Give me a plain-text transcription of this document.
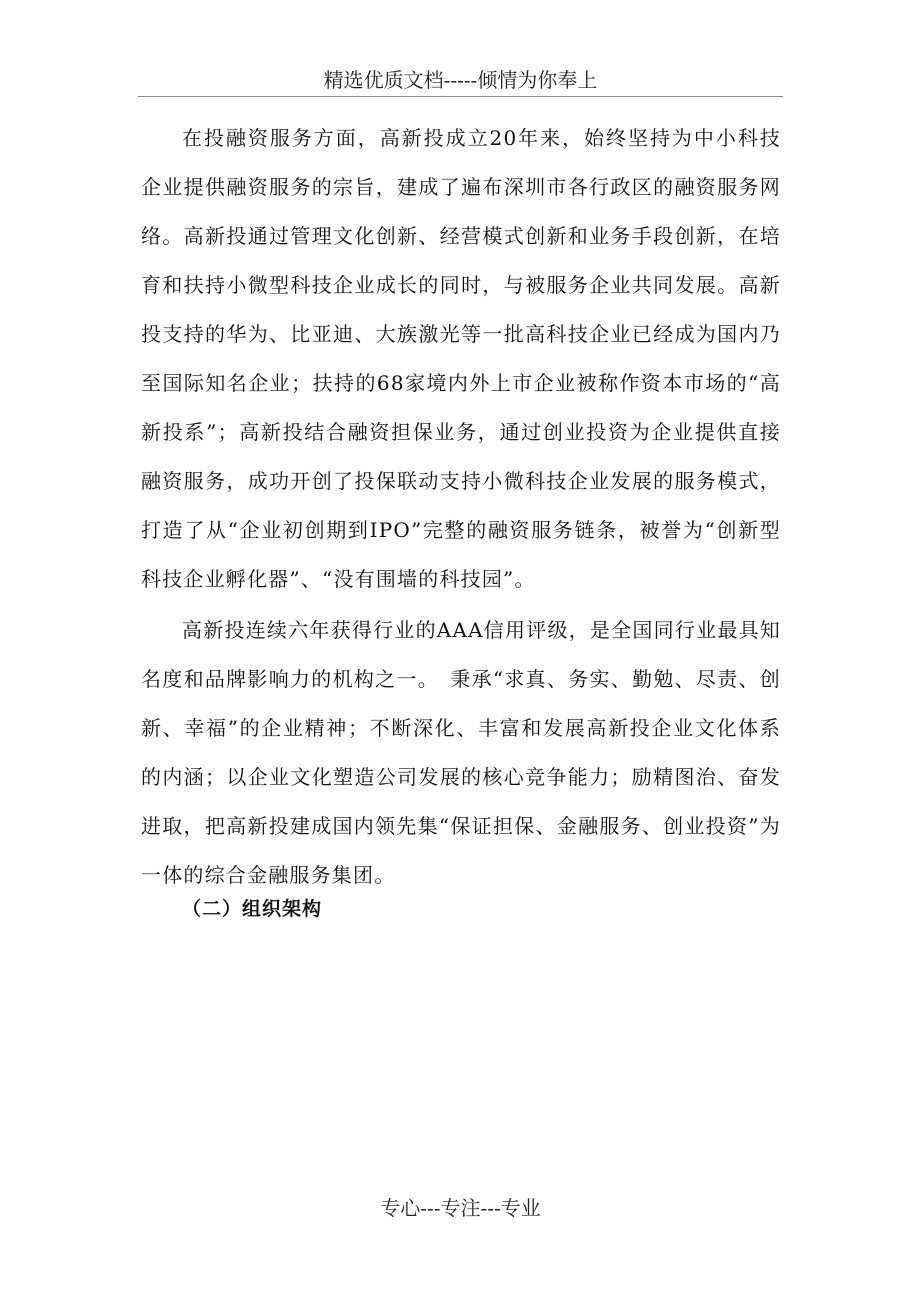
精选优质文档-----倾情为你奉上

在投融资服务方面，高新投成立20年来，始终坚持为中小科技企业提供融资服务的宗旨，建成了遍布深圳市各行政区的融资服务网络。高新投通过管理文化创新、经营模式创新和业务手段创新，在培育和扶持小微型科技企业成长的同时，与被服务企业共同发展。高新投支持的华为、比亚迪、大族激光等一批高科技企业已经成为国内乃至国际知名企业；扶持的68家境内外上市企业被称作资本市场的“高新投系”；高新投结合融资担保业务，通过创业投资为企业提供直接融资服务，成功开创了投保联动支持小微科技企业发展的服务模式，打造了从“企业初创期到IPO”完整的融资服务链条，被誉为“创新型科技企业孵化器”、“没有围墙的科技园”。

高新投连续六年获得行业的AAA信用评级，是全国同行业最具知名度和品牌影响力的机构之一。　秉承“求真、务实、勤勉、尽责、创新、幸福”的企业精神；不断深化、丰富和发展高新投企业文化体系的内涵；以企业文化塑造公司发展的核心竞争能力；励精图治、奋发进取，把高新投建成国内领先集“保证担保、金融服务、创业投资”为一体的综合金融服务集团。

（二）组织架构
专心---专注---专业
